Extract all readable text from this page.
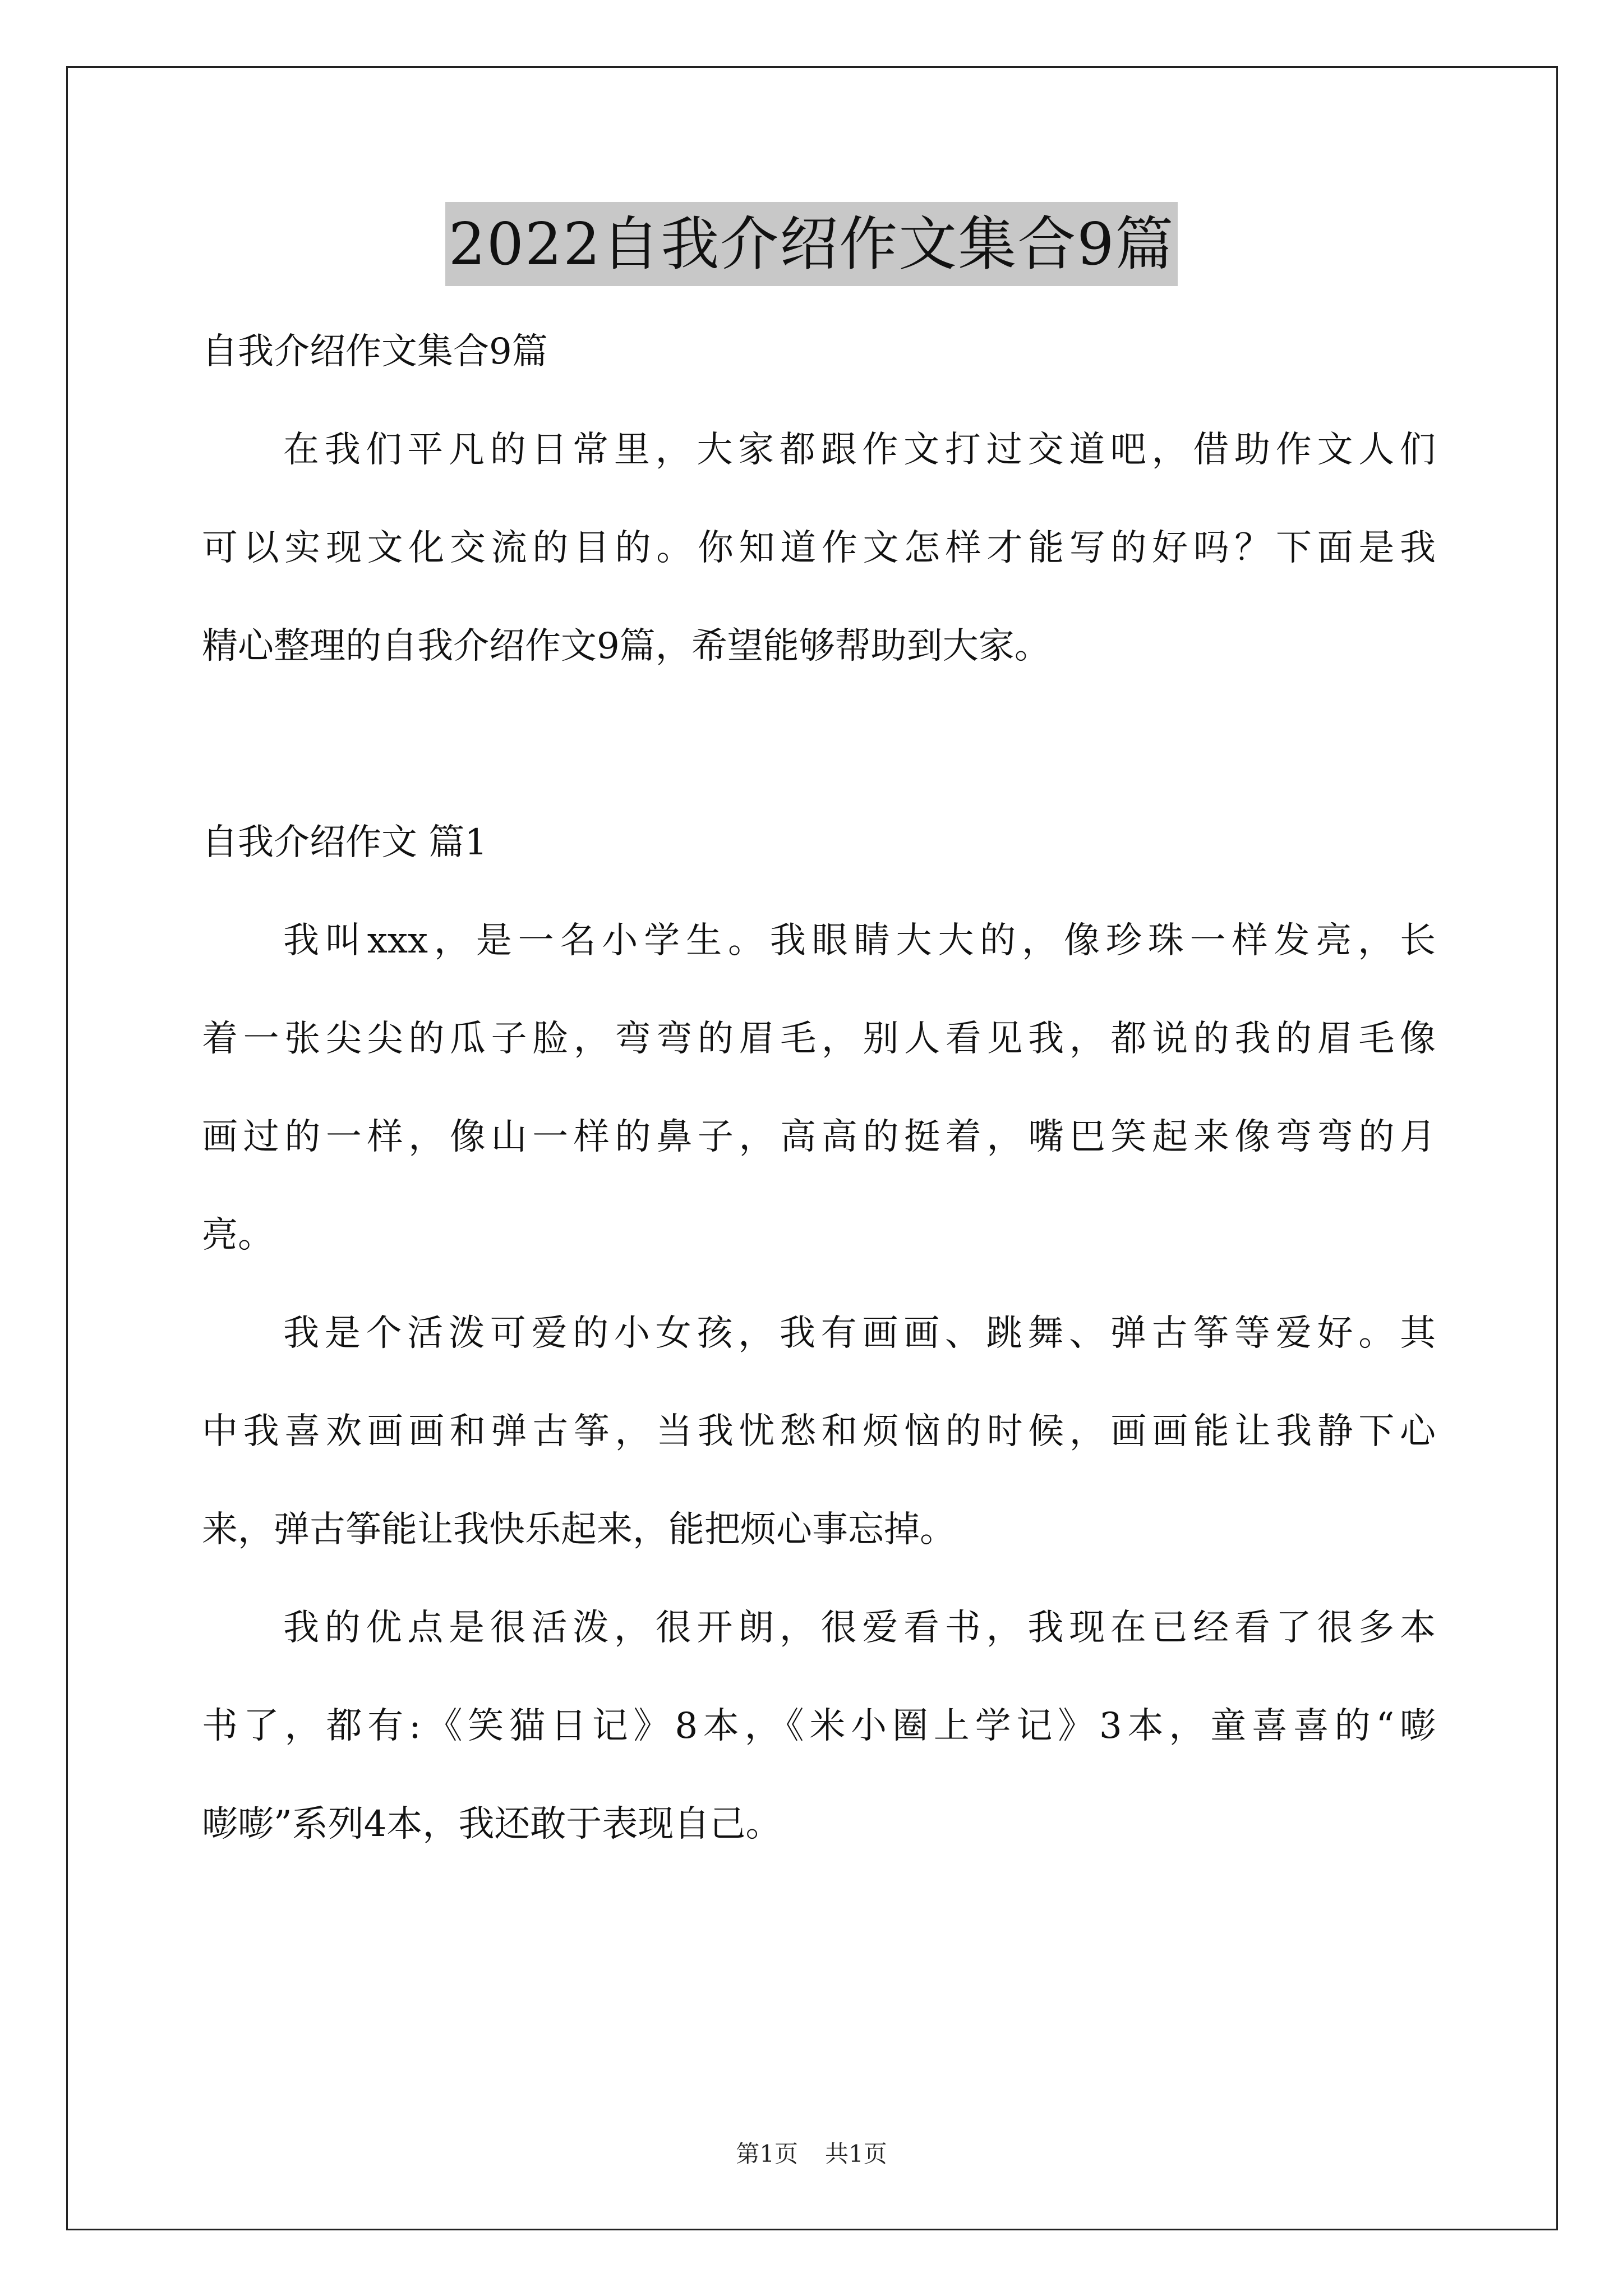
2022自我介绍作文集合9篇
自我介绍作文集合9篇
在我们平凡的日常里，大家都跟作文打过交道吧，借助作文人们
可以实现文化交流的目的。你知道作文怎样才能写的好吗？下面是我
精心整理的自我介绍作文9篇，希望能够帮助到大家。
自我介绍作文 篇1
我叫xxx，是一名小学生。我眼睛大大的，像珍珠一样发亮，长
着一张尖尖的瓜子脸，弯弯的眉毛，别人看见我，都说的我的眉毛像
画过的一样，像山一样的鼻子，高高的挺着，嘴巴笑起来像弯弯的月
亮。
我是个活泼可爱的小女孩，我有画画、跳舞、弹古筝等爱好。其
中我喜欢画画和弹古筝，当我忧愁和烦恼的时候，画画能让我静下心
来，弹古筝能让我快乐起来，能把烦心事忘掉。
我的优点是很活泼，很开朗，很爱看书，我现在已经看了很多本
书了，都有:《笑猫日记》8本，《米小圈上学记》3本，童喜喜的“嘭
嘭嘭”系列4本，我还敢于表现自己。
第1页 共1页
